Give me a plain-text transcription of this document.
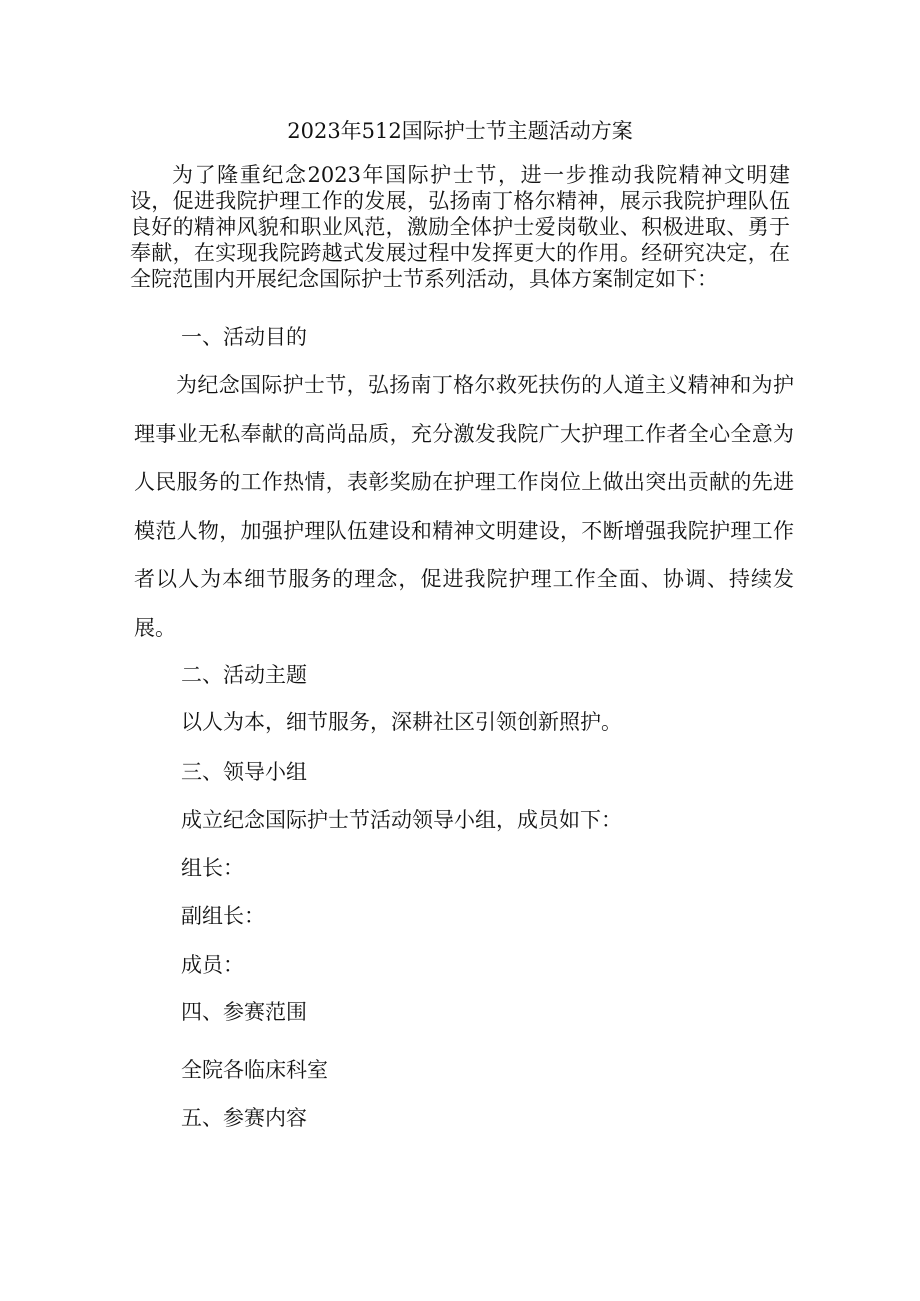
2023年512国际护士节主题活动方案

为了隆重纪念2023年国际护士节，进一步推动我院精神文明建设，促进我院护理工作的发展，弘扬南丁格尔精神，展示我院护理队伍良好的精神风貌和职业风范，激励全体护士爱岗敬业、积极进取、勇于奉献，在实现我院跨越式发展过程中发挥更大的作用。经研究决定，在全院范围内开展纪念国际护士节系列活动，具体方案制定如下：

一、活动目的

为纪念国际护士节，弘扬南丁格尔救死扶伤的人道主义精神和为护理事业无私奉献的高尚品质，充分激发我院广大护理工作者全心全意为人民服务的工作热情，表彰奖励在护理工作岗位上做出突出贡献的先进模范人物，加强护理队伍建设和精神文明建设，不断增强我院护理工作者以人为本细节服务的理念，促进我院护理工作全面、协调、持续发展。

二、活动主题

以人为本，细节服务，深耕社区引领创新照护。

三、领导小组

成立纪念国际护士节活动领导小组，成员如下：

组长：

副组长：

成员：

四、参赛范围

全院各临床科室

五、参赛内容
